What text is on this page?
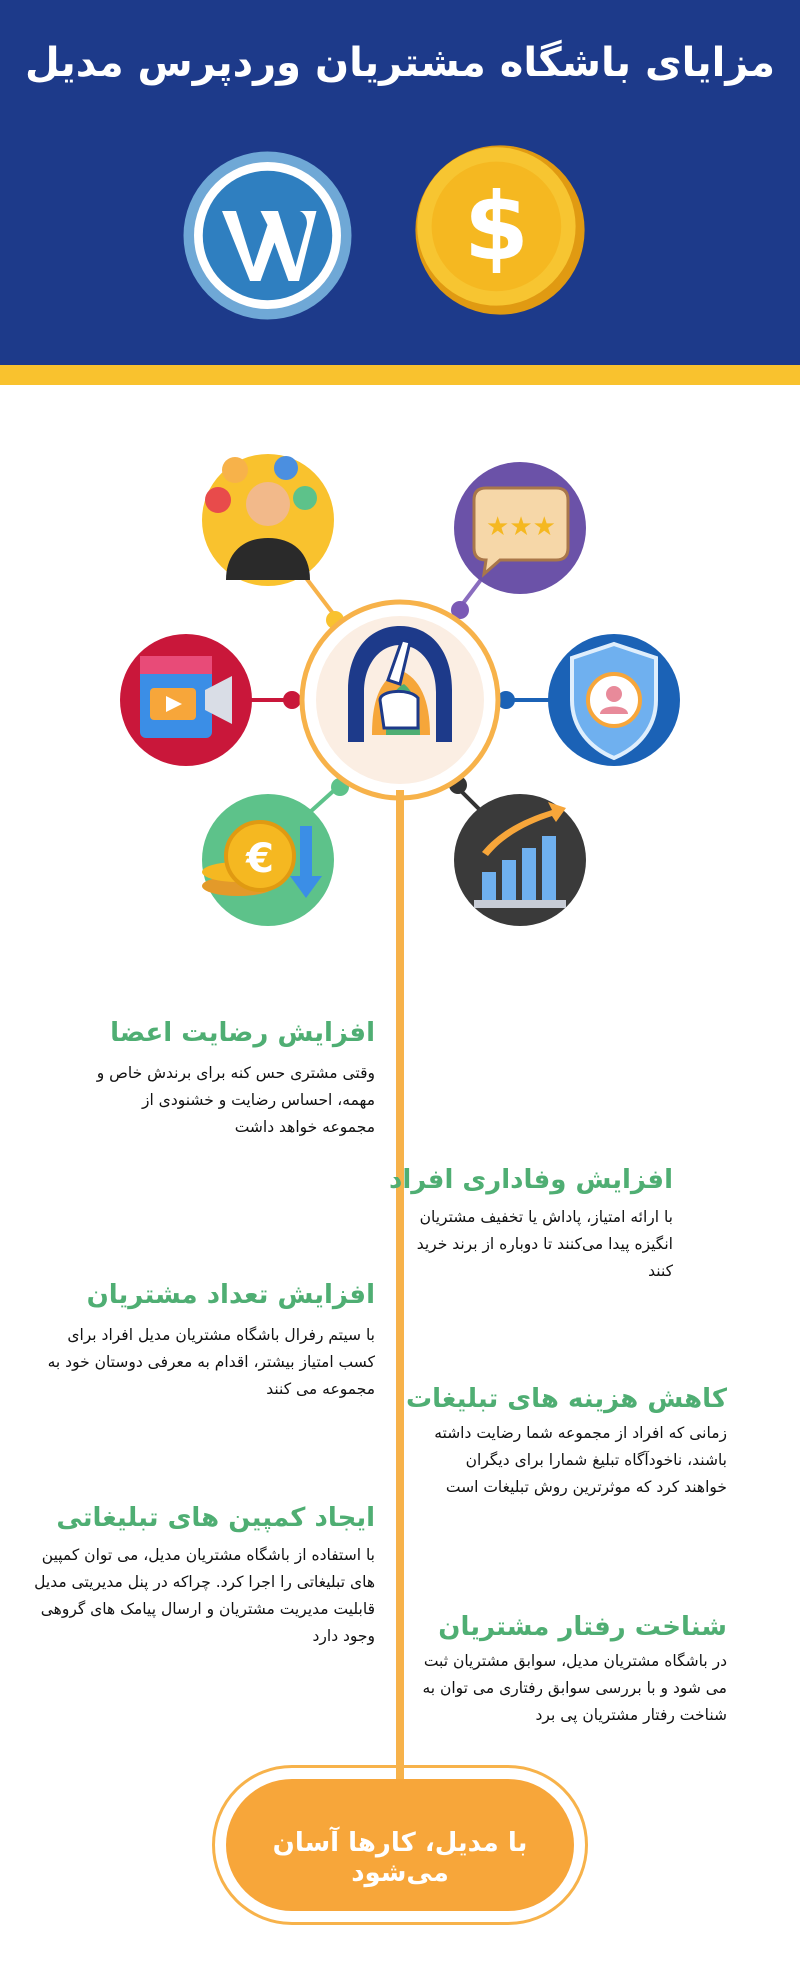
مزایای باشگاه مشتریان وردپرس مدیل
$
★★★
€
افزایش رضایت اعضا
وقتی مشتری حس کنه برای برندش خاص و مهمه، احساس رضایت و خشنودی از مجموعه خواهد داشت
افزایش وفاداری افراد
با ارائه امتیاز، پاداش یا تخفیف مشتریان انگیزه پیدا می‌کنند تا دوباره از برند خرید کنند
افزایش تعداد مشتریان
با سیتم رفرال باشگاه مشتریان مدیل افراد برای کسب امتیاز بیشتر، اقدام به معرفی دوستان خود به مجموعه می کنند کاهش هزینه های تبلیغات
زمانی که افراد از مجموعه شما رضایت داشته باشند، ناخودآگاه تبلیغ شمارا برای دیگران خواهند کرد که موثرترین روش تبلیغات است
ایجاد کمپین های تبلیغاتی
با استفاده از باشگاه مشتریان مدیل، می توان کمپین های تبلیغاتی را اجرا کرد. چراکه در پنل مدیریتی مدیل قابلیت مدیریت مشتریان و ارسال پیامک های گروهی وجود دارد شناخت رفتار مشتریان
در باشگاه مشتریان مدیل، سوابق مشتریان ثبت می شود و با بررسی سوابق رفتاری می توان به شناخت رفتار مشتریان پی برد
با مدیل، کارها آسان می‌شود
